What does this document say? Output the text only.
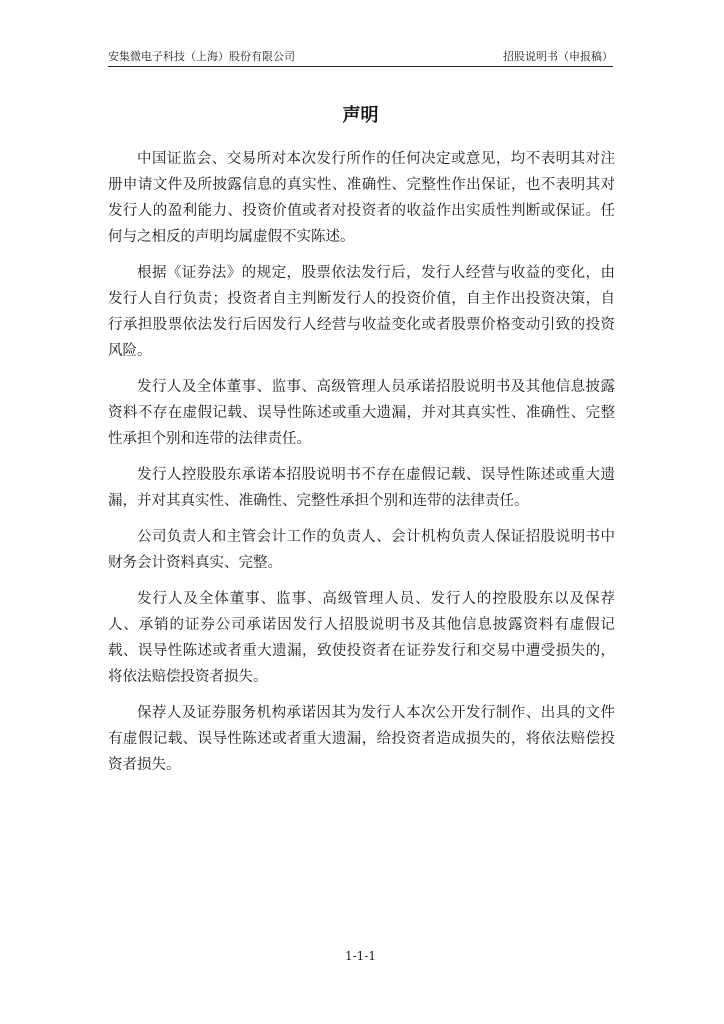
安集微电子科技（上海）股份有限公司	招股说明书（申报稿）
声明

中国证监会、交易所对本次发行所作的任何决定或意见，均不表明其对注册申请文件及所披露信息的真实性、准确性、完整性作出保证，也不表明其对发行人的盈利能力、投资价值或者对投资者的收益作出实质性判断或保证。任何与之相反的声明均属虚假不实陈述。

根据《证券法》的规定，股票依法发行后，发行人经营与收益的变化，由发行人自行负责；投资者自主判断发行人的投资价值，自主作出投资决策，自行承担股票依法发行后因发行人经营与收益变化或者股票价格变动引致的投资风险。

发行人及全体董事、监事、高级管理人员承诺招股说明书及其他信息披露资料不存在虚假记载、误导性陈述或重大遗漏，并对其真实性、准确性、完整性承担个别和连带的法律责任。

发行人控股股东承诺本招股说明书不存在虚假记载、误导性陈述或重大遗漏，并对其真实性、准确性、完整性承担个别和连带的法律责任。

公司负责人和主管会计工作的负责人、会计机构负责人保证招股说明书中财务会计资料真实、完整。

发行人及全体董事、监事、高级管理人员、发行人的控股股东以及保荐人、承销的证券公司承诺因发行人招股说明书及其他信息披露资料有虚假记载、误导性陈述或者重大遗漏，致使投资者在证券发行和交易中遭受损失的，将依法赔偿投资者损失。

保荐人及证券服务机构承诺因其为发行人本次公开发行制作、出具的文件有虚假记载、误导性陈述或者重大遗漏，给投资者造成损失的，将依法赔偿投资者损失。

1-1-1
